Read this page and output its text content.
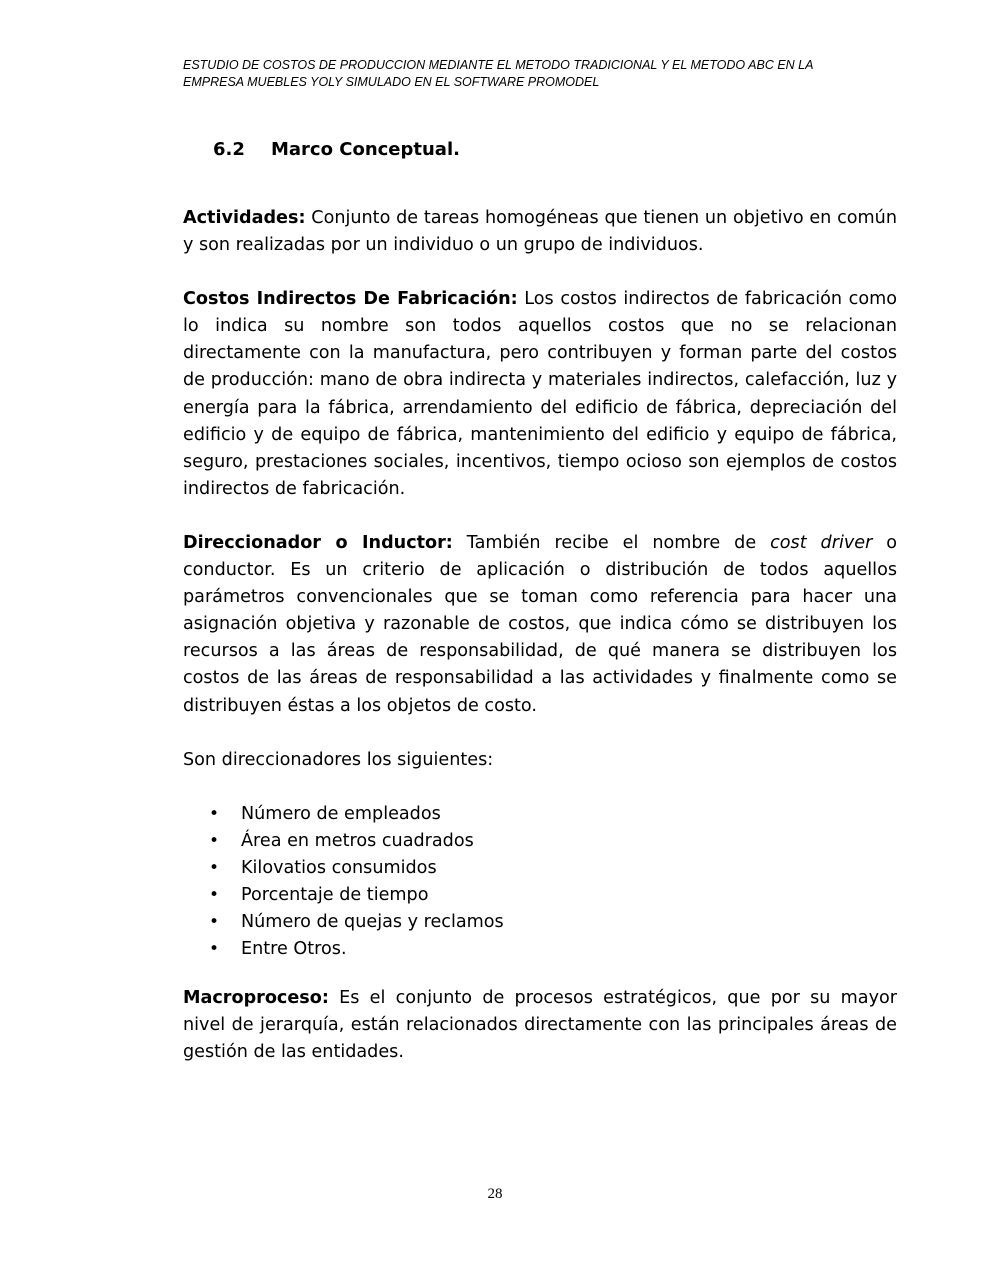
ESTUDIO DE COSTOS DE PRODUCCION MEDIANTE EL METODO TRADICIONAL Y EL METODO ABC EN LA
EMPRESA MUEBLES YOLY SIMULADO EN EL SOFTWARE PROMODEL
6.2 Marco Conceptual.

Actividades: Conjunto de tareas homogéneas que tienen un objetivo en común y son realizadas por un individuo o un grupo de individuos.

Costos Indirectos De Fabricación: Los costos indirectos de fabricación como lo indica su nombre son todos aquellos costos que no se relacionan directamente con la manufactura, pero contribuyen y forman parte del costos de producción: mano de obra indirecta y materiales indirectos, calefacción, luz y energía para la fábrica, arrendamiento del edificio de fábrica, depreciación del edificio y de equipo de fábrica, mantenimiento del edificio y equipo de fábrica, seguro, prestaciones sociales, incentivos, tiempo ocioso son ejemplos de costos indirectos de fabricación.

Direccionador o Inductor: También recibe el nombre de cost driver o conductor. Es un criterio de aplicación o distribución de todos aquellos parámetros convencionales que se toman como referencia para hacer una asignación objetiva y razonable de costos, que indica cómo se distribuyen los recursos a las áreas de responsabilidad, de qué manera se distribuyen los costos de las áreas de responsabilidad a las actividades y finalmente como se distribuyen éstas a los objetos de costo.

Son direccionadores los siguientes:

• Número de empleados
• Área en metros cuadrados
• Kilovatios consumidos
• Porcentaje de tiempo
• Número de quejas y reclamos
• Entre Otros.

Macroproceso: Es el conjunto de procesos estratégicos, que por su mayor nivel de jerarquía, están relacionados directamente con las principales áreas de gestión de las entidades.

28
